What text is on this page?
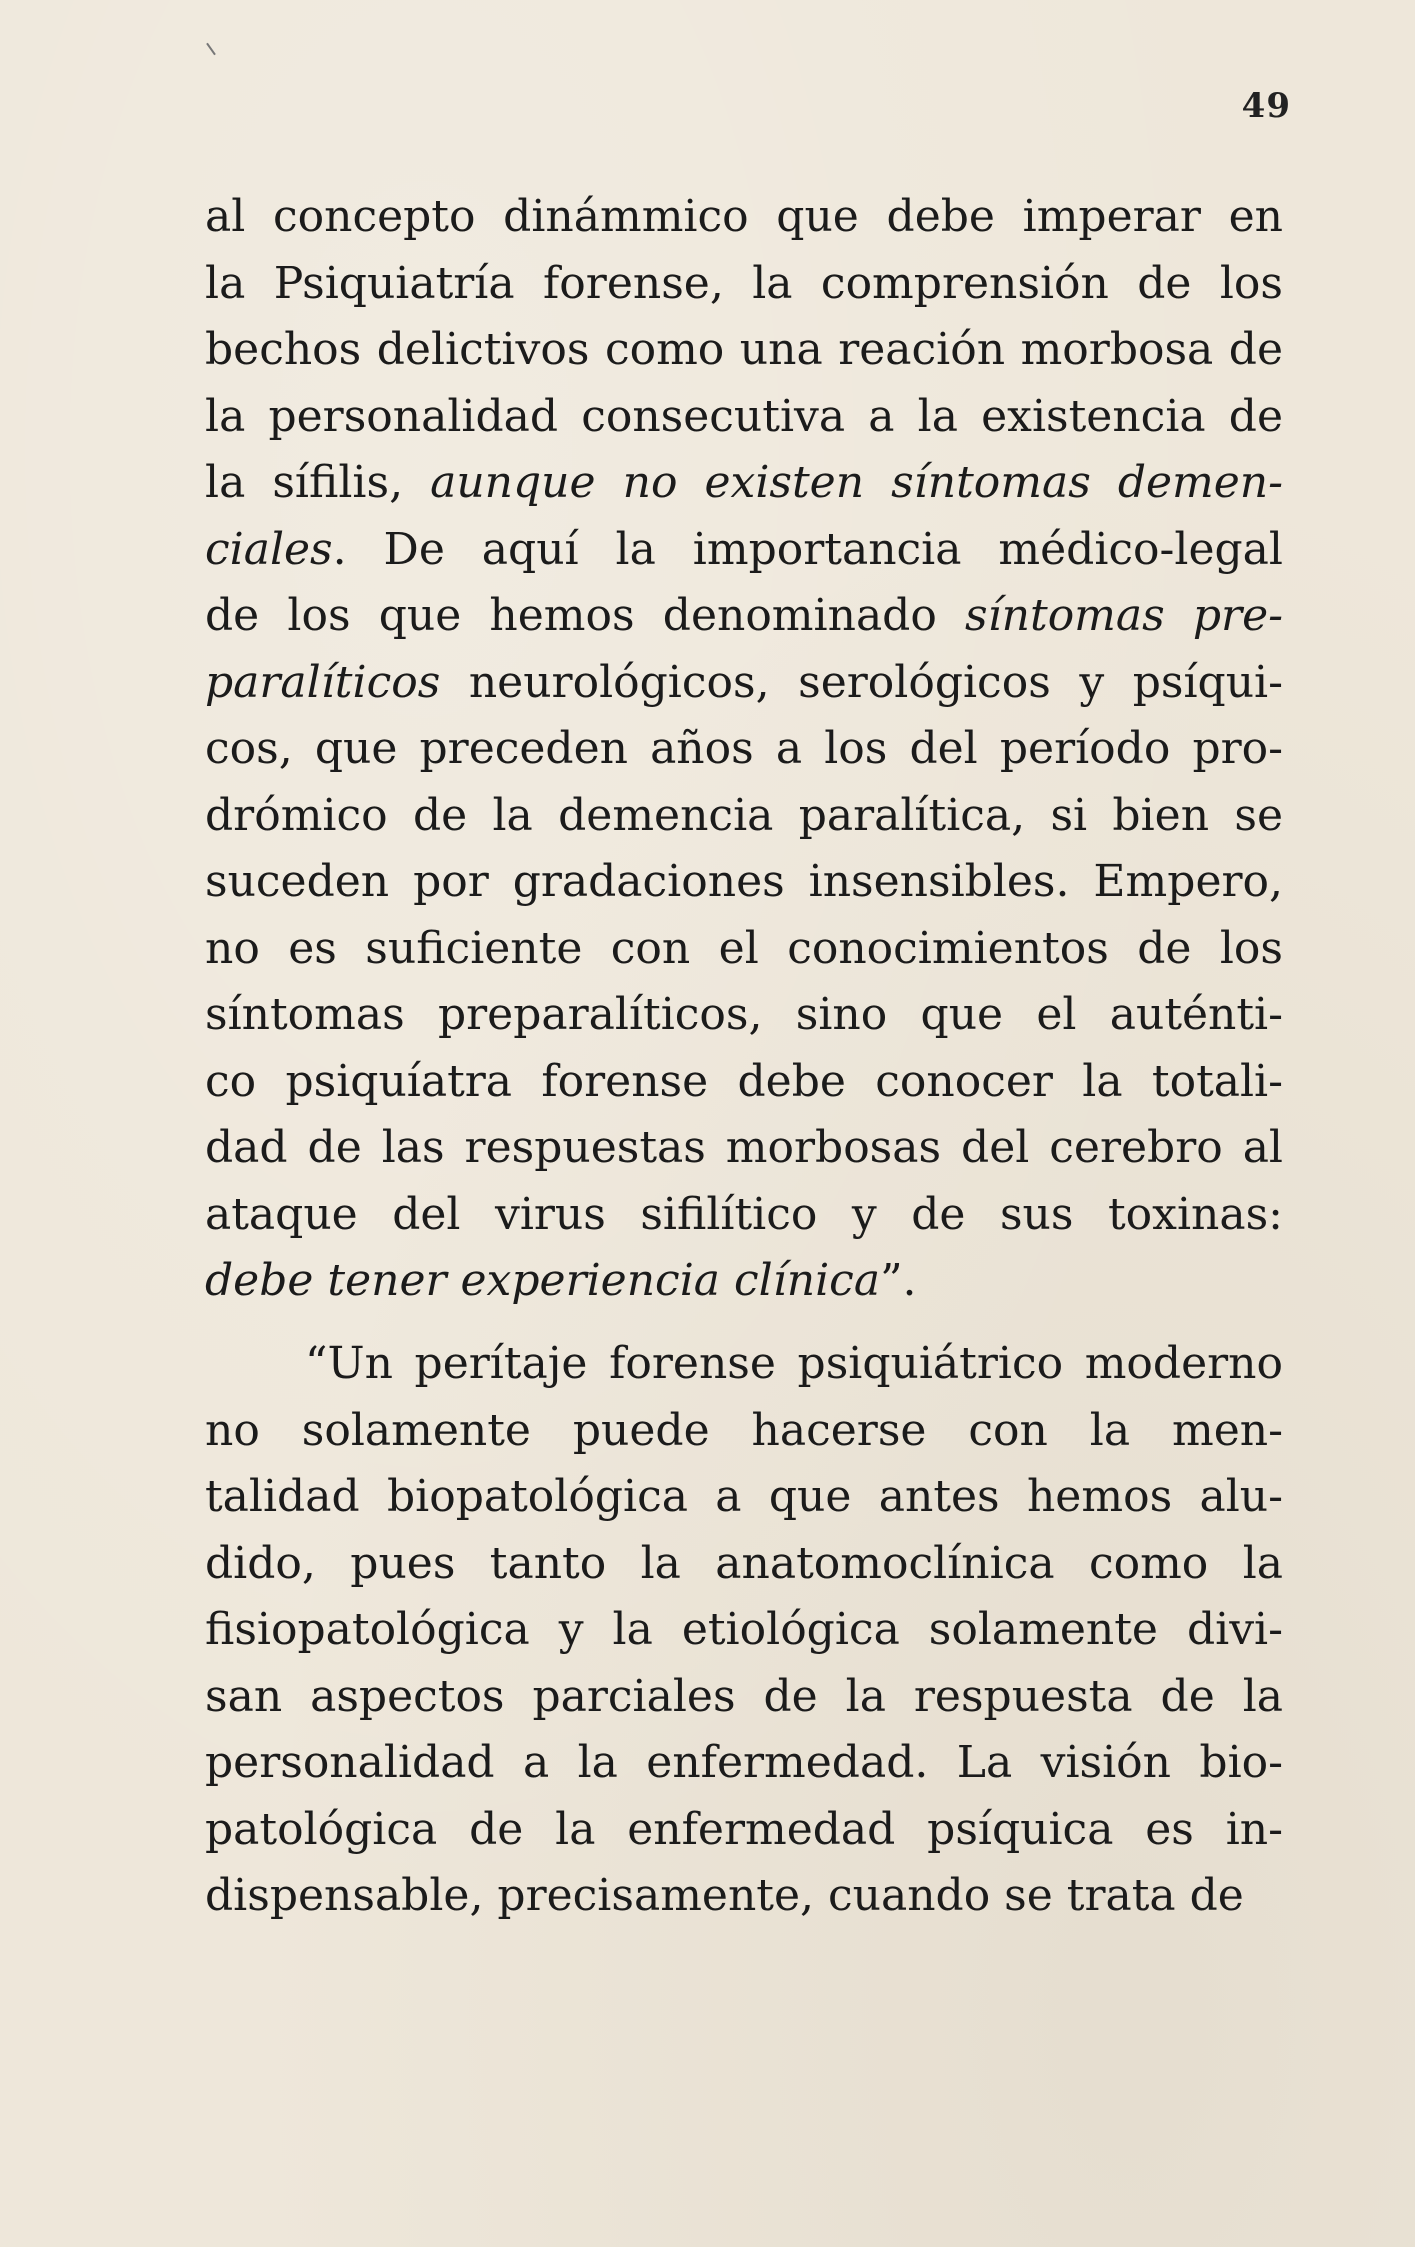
49
al concepto dinámmico que debe imperar en
la Psiquiatría forense, la comprensión de los
bechos delictivos como una reación morbosa de
la personalidad consecutiva a la existencia de
la sífilis, aunque no existen síntomas demen-
ciales. De aquí la importancia médico-legal
de los que hemos denominado síntomas pre-
paralíticos neurológicos, serológicos y psíqui-
cos, que preceden años a los del período pro-
drómico de la demencia paralítica, si bien se
suceden por gradaciones insensibles. Empero,
no es suficiente con el conocimientos de los
síntomas preparalíticos, sino que el auténti-
co psiquíatra forense debe conocer la totali-
dad de las respuestas morbosas del cerebro al
ataque del virus sifilítico y de sus toxinas:
debe tener experiencia clínica”.
“Un perítaje forense psiquiátrico moderno
no solamente puede hacerse con la men-
talidad biopatológica a que antes hemos alu-
dido, pues tanto la anatomoclínica como la
fisiopatológica y la etiológica solamente divi-
san aspectos parciales de la respuesta de la
personalidad a la enfermedad. La visión bio-
patológica de la enfermedad psíquica es in-
dispensable, precisamente, cuando se trata de
